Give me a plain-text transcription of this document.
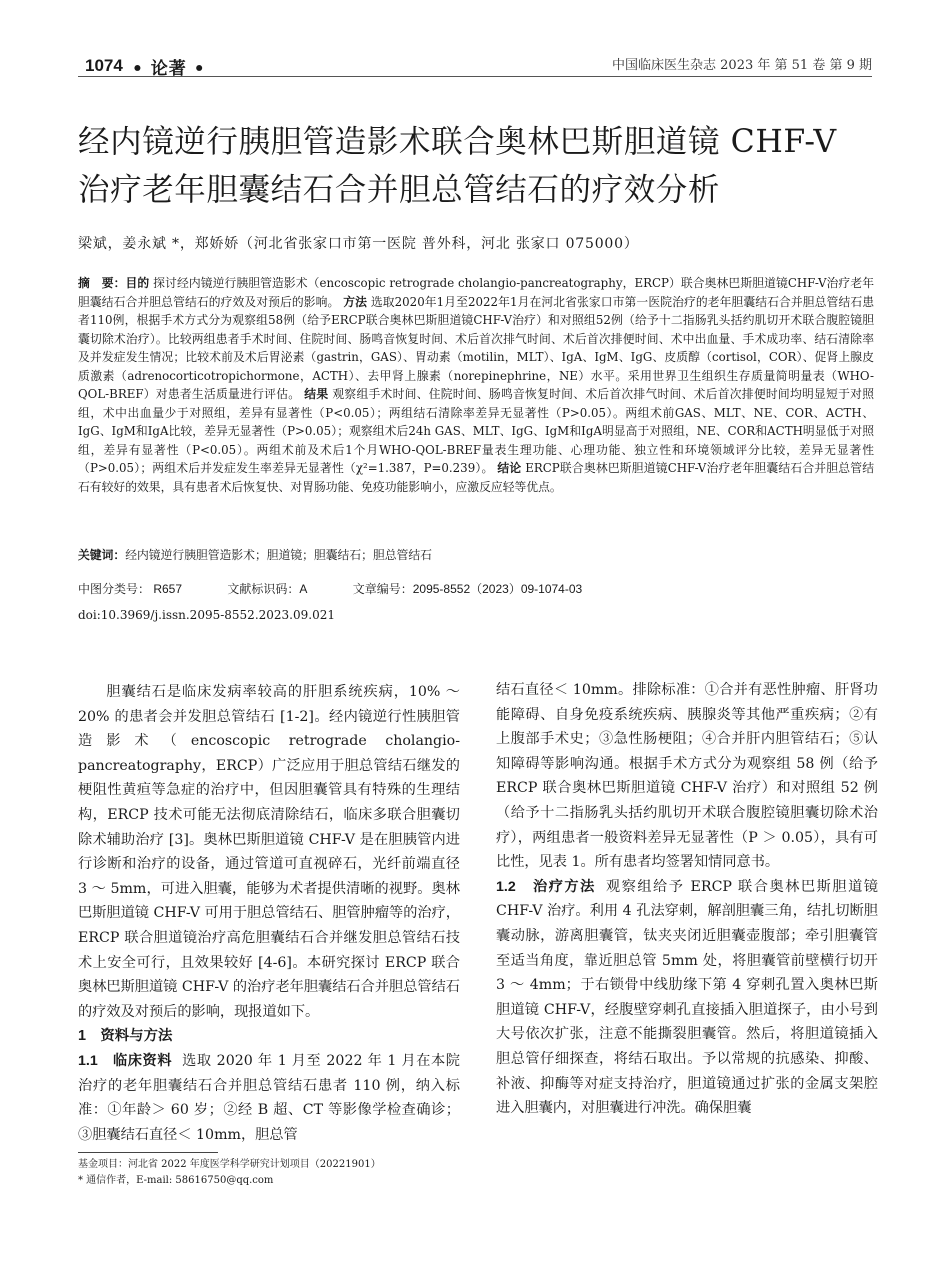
1074 • 论著 •	中国临床医生杂志 2023 年 第 51 卷 第 9 期
经内镜逆行胰胆管造影术联合奥林巴斯胆道镜 CHF-V
治疗老年胆囊结石合并胆总管结石的疗效分析
梁斌，姜永斌 *，郑娇娇（河北省张家口市第一医院 普外科，河北 张家口 075000）
摘　要：目的 探讨经内镜逆行胰胆管造影术（encoscopic retrograde cholangio-pancreatography，ERCP）联合奥林巴斯胆道镜CHF-V治疗老年胆囊结石合并胆总管结石的疗效及对预后的影响。 方法 选取2020年1月至2022年1月在河北省张家口市第一医院治疗的老年胆囊结石合并胆总管结石患者110例，根据手术方式分为观察组58例（给予ERCP联合奥林巴斯胆道镜CHF-V治疗）和对照组52例（给予十二指肠乳头括约肌切开术联合腹腔镜胆囊切除术治疗）。比较两组患者手术时间、住院时间、肠鸣音恢复时间、术后首次排气时间、术后首次排便时间、术中出血量、手术成功率、结石清除率及并发症发生情况；比较术前及术后胃泌素（gastrin，GAS）、胃动素（motilin，MLT）、IgA、IgM、IgG、皮质醇（cortisol，COR）、促肾上腺皮质激素（adrenocorticotropichormone，ACTH）、去甲肾上腺素（norepinephrine，NE）水平。采用世界卫生组织生存质量简明量表（WHO-QOL-BREF）对患者生活质量进行评估。 结果 观察组手术时间、住院时间、肠鸣音恢复时间、术后首次排气时间、术后首次排便时间均明显短于对照组，术中出血量少于对照组，差异有显著性（P<0.05）；两组结石清除率差异无显著性（P>0.05）。两组术前GAS、MLT、NE、COR、ACTH、IgG、IgM和IgA比较，差异无显著性（P>0.05）；观察组术后24h GAS、MLT、IgG、IgM和IgA明显高于对照组，NE、COR和ACTH明显低于对照组，差异有显著性（P<0.05）。两组术前及术后1个月WHO-QOL-BREF量表生理功能、心理功能、独立性和环境领域评分比较，差异无显著性（P>0.05）；两组术后并发症发生率差异无显著性（χ²=1.387，P=0.239）。 结论 ERCP联合奥林巴斯胆道镜CHF-V治疗老年胆囊结石合并胆总管结石有较好的效果，具有患者术后恢复快、对胃肠功能、免疫功能影响小，应激反应轻等优点。
关键词：经内镜逆行胰胆管造影术；胆道镜；胆囊结石；胆总管结石
中图分类号： R657	文献标识码：A	文章编号：2095-8552（2023）09-1074-03
doi:10.3969/j.issn.2095-8552.2023.09.021

胆囊结石是临床发病率较高的肝胆系统疾病，10% ～ 20% 的患者会并发胆总管结石 [1-2]。经内镜逆行性胰胆管造影术（encoscopic retrograde cholangio-pancreatography，ERCP）广泛应用于胆总管结石继发的梗阻性黄疸等急症的治疗中，但因胆囊管具有特殊的生理结构，ERCP 技术可能无法彻底清除结石，临床多联合胆囊切除术辅助治疗 [3]。奥林巴斯胆道镜 CHF-V 是在胆胰管内进行诊断和治疗的设备，通过管道可直视碎石，光纤前端直径 3 ～ 5mm，可进入胆囊，能够为术者提供清晰的视野。奥林巴斯胆道镜 CHF-V 可用于胆总管结石、胆管肿瘤等的治疗，ERCP 联合胆道镜治疗高危胆囊结石合并继发胆总管结石技术上安全可行，且效果较好 [4-6]。本研究探讨 ERCP 联合奥林巴斯胆道镜 CHF-V 的治疗老年胆囊结石合并胆总管结石的疗效及对预后的影响，现报道如下。

1　资料与方法

1.1　临床资料 选取 2020 年 1 月至 2022 年 1 月在本院治疗的老年胆囊结石合并胆总管结石患者 110 例，纳入标准：①年龄＞ 60 岁；②经 B 超、CT 等影像学检查确诊；③胆囊结石直径＜ 10mm，胆总管

结石直径＜ 10mm。排除标准：①合并有恶性肿瘤、肝肾功能障碍、自身免疫系统疾病、胰腺炎等其他严重疾病；②有上腹部手术史；③急性肠梗阻；④合并肝内胆管结石；⑤认知障碍等影响沟通。根据手术方式分为观察组 58 例（给予 ERCP 联合奥林巴斯胆道镜 CHF-V 治疗）和对照组 52 例（给予十二指肠乳头括约肌切开术联合腹腔镜胆囊切除术治疗），两组患者一般资料差异无显著性（P ＞ 0.05），具有可比性，见表 1。所有患者均签署知情同意书。

1.2　治疗方法 观察组给予 ERCP 联合奥林巴斯胆道镜 CHF-V 治疗。利用 4 孔法穿刺，解剖胆囊三角，结扎切断胆囊动脉，游离胆囊管，钛夹夹闭近胆囊壶腹部；牵引胆囊管至适当角度，靠近胆总管 5mm 处，将胆囊管前壁横行切开 3 ～ 4mm；于右锁骨中线肋缘下第 4 穿刺孔置入奥林巴斯胆道镜 CHF-V，经腹壁穿刺孔直接插入胆道探子，由小号到大号依次扩张，注意不能撕裂胆囊管。然后，将胆道镜插入胆总管仔细探查，将结石取出。予以常规的抗感染、抑酸、补液、抑酶等对症支持治疗，胆道镜通过扩张的金属支架腔进入胆囊内，对胆囊进行冲洗。确保胆囊

基金项目：河北省 2022 年度医学科学研究计划项目（20221901）
* 通信作者，E-mail: 58616750@qq.com
